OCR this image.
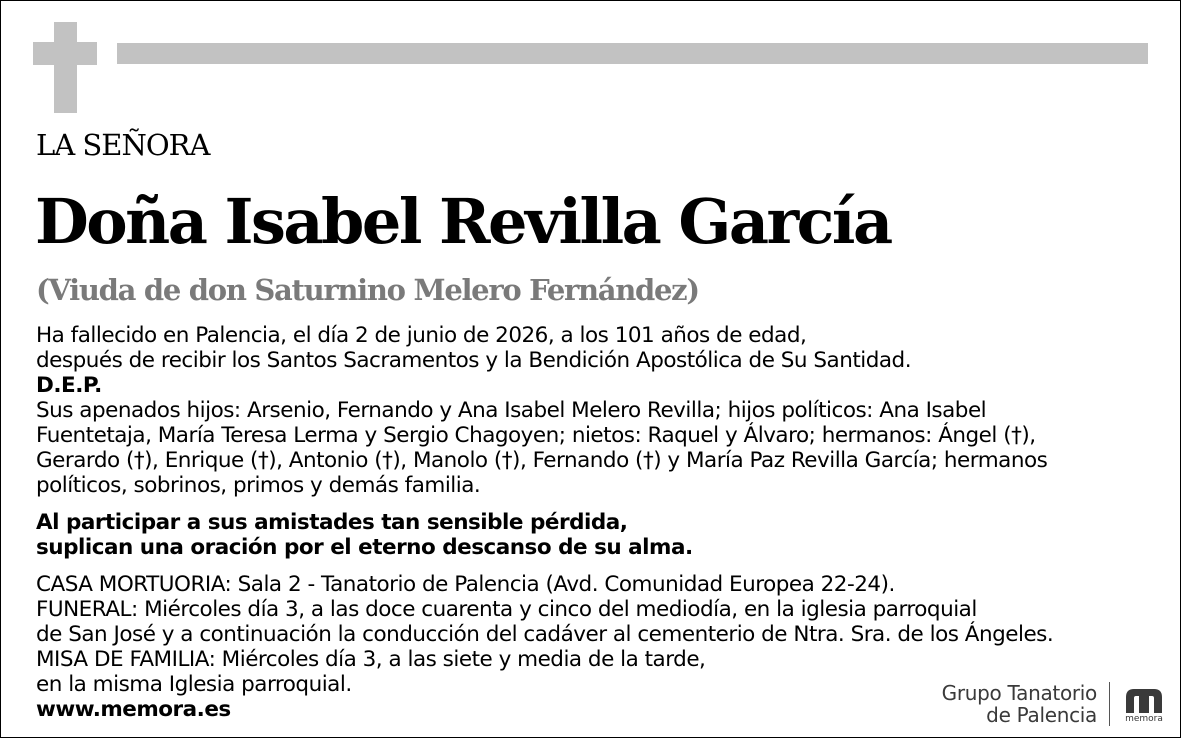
LA SEÑORA
Doña Isabel Revilla García
(Viuda de don Saturnino Melero Fernández)

Ha fallecido en Palencia, el día 2 de junio de 2026, a los 101 años de edad,

después de recibir los Santos Sacramentos y la Bendición Apostólica de Su Santidad.

D.E.P.

Sus apenados hijos: Arsenio, Fernando y Ana Isabel Melero Revilla; hijos políticos: Ana Isabel

Fuentetaja, María Teresa Lerma y Sergio Chagoyen; nietos: Raquel y Álvaro; hermanos: Ángel (†),

Gerardo (†), Enrique (†), Antonio (†), Manolo (†), Fernando (†) y María Paz Revilla García; hermanos

políticos, sobrinos, primos y demás familia.

Al participar a sus amistades tan sensible pérdida,

suplican una oración por el eterno descanso de su alma.

CASA MORTUORIA: Sala 2 - Tanatorio de Palencia (Avd. Comunidad Europea 22-24).

FUNERAL: Miércoles día 3, a las doce cuarenta y cinco del mediodía, en la iglesia parroquial

de San José y a continuación la conducción del cadáver al cementerio de Ntra. Sra. de los Ángeles.

MISA DE FAMILIA: Miércoles día 3, a las siete y media de la tarde,

en la misma Iglesia parroquial.

www.memora.es

Grupo Tanatorio
de Palencia	memora
